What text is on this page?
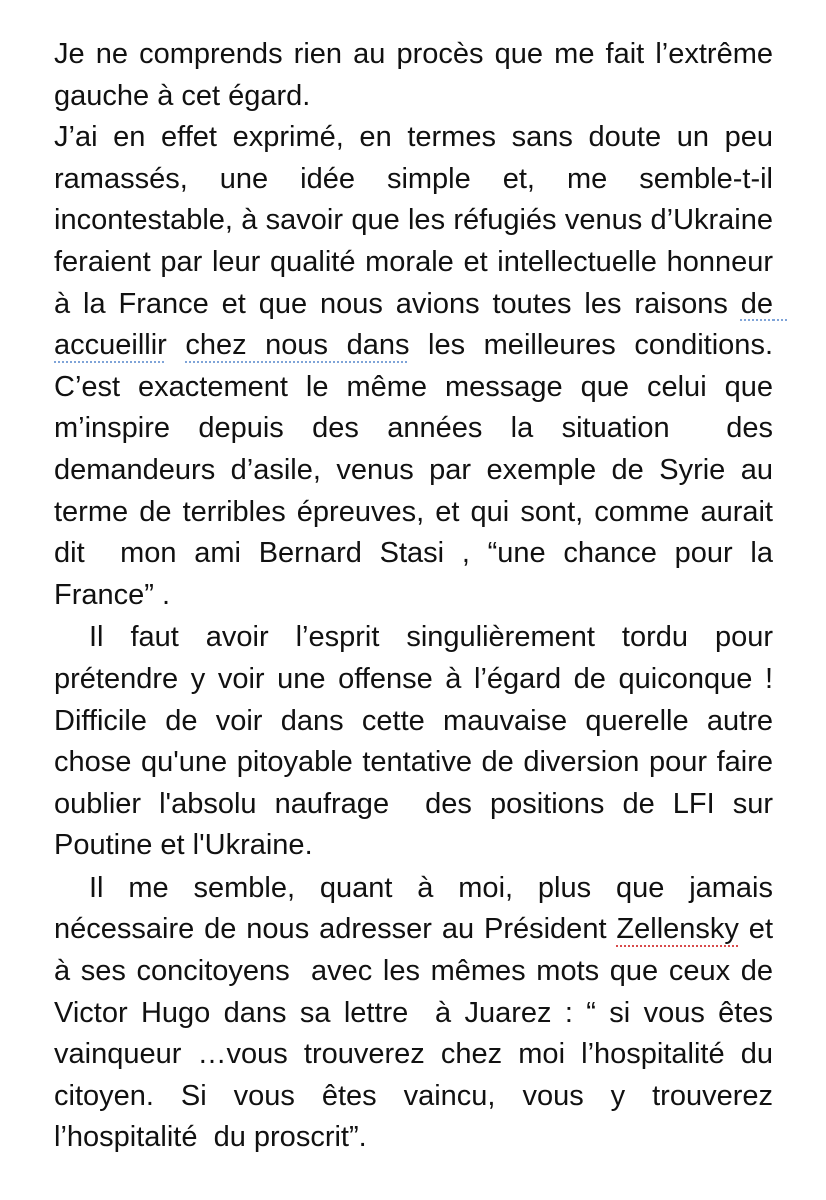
Je ne comprends rien au procès que me fait l’extrême gauche à cet égard.

J’ai en effet exprimé, en termes sans doute un peu ramassés, une idée simple et, me semble-t-il incontestable, à savoir que les réfugiés venus d’Ukraine feraient par leur qualité morale et intellectuelle honneur à la France et que nous avions toutes les raisons de  accueillir chez nous dans les meilleures conditions. C’est exactement le même message que celui que m’inspire depuis des années la situation  des demandeurs d’asile, venus par exemple de Syrie au terme de terribles épreuves, et qui sont, comme aurait dit  mon ami Bernard Stasi , “une chance pour la France” .

Il faut avoir l’esprit singulièrement tordu pour prétendre y voir une offense à l’égard de quiconque ! Difficile de voir dans cette mauvaise querelle autre chose qu'une pitoyable tentative de diversion pour faire oublier l'absolu naufrage  des positions de LFI sur Poutine et l'Ukraine.

Il me semble, quant à moi, plus que jamais nécessaire de nous adresser au Président Zellensky et à ses concitoyens  avec les mêmes mots que ceux de   Victor Hugo dans sa lettre  à Juarez : “ si vous êtes vainqueur …vous trouverez chez moi l’hospitalité du citoyen. Si vous êtes vaincu, vous y trouverez l’hospitalité  du proscrit”.
